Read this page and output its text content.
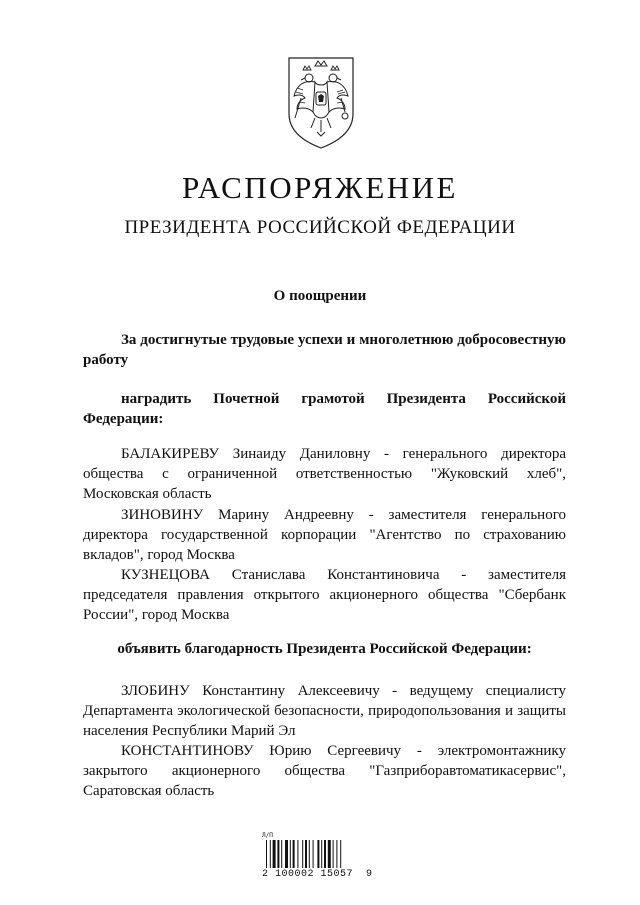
РАСПОРЯЖЕНИЕ
ПРЕЗИДЕНТА РОССИЙСКОЙ ФЕДЕРАЦИИ
О поощрении

За достигнутые трудовые успехи и многолетнюю добросовестную работу

наградить Почетной грамотой Президента Российской Федерации:

БАЛАКИРЕВУ Зинаиду Даниловну - генерального директора общества с ограниченной ответственностью "Жуковский хлеб", Московская область

ЗИНОВИНУ Марину Андреевну - заместителя генерального директора государственной корпорации "Агентство по страхованию вкладов", город Москва

КУЗНЕЦОВА Станислава Константиновича - заместителя председателя правления открытого акционерного общества "Сбербанк России", город Москва

объявить благодарность Президента Российской Федерации:

ЗЛОБИНУ Константину Алексеевичу - ведущему специалисту Департамента экологической безопасности, природопользования и защиты населения Республики Марий Эл

КОНСТАНТИНОВУ Юрию Сергеевичу - электромонтажнику закрытого акционерного общества "Газприборавтоматикасервис", Саратовская область

Л/П
2 100002 15057  9
